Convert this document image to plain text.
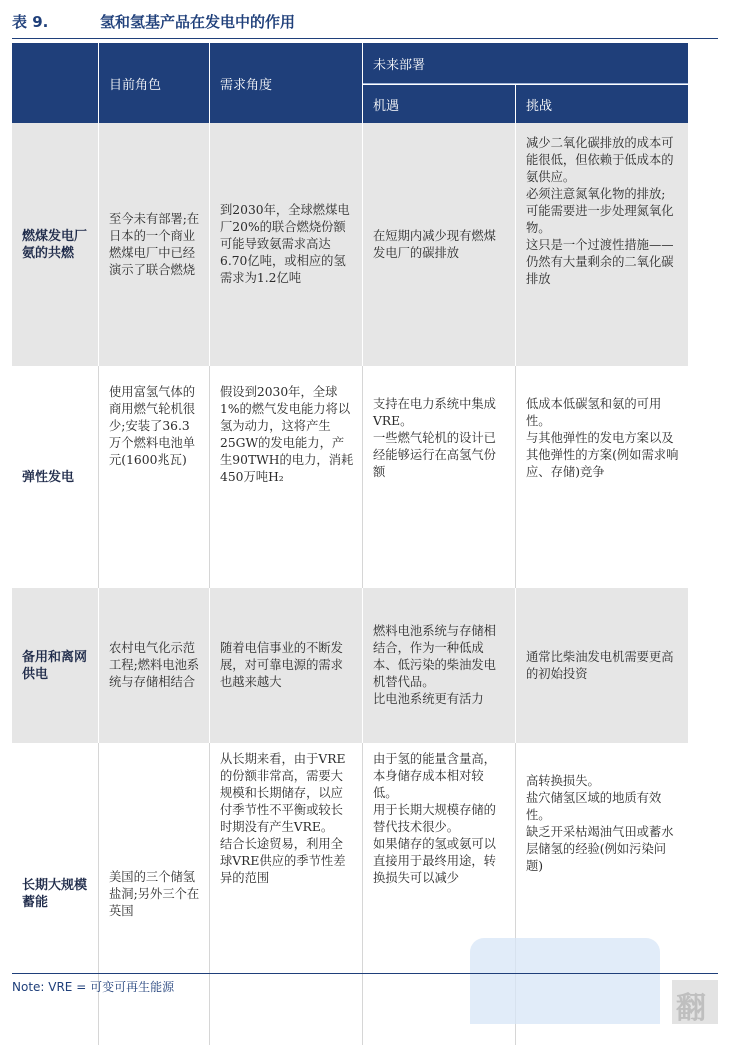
表 9.	氢和氢基产品在发电中的作用
	目前角色	需求角度	未来部署	
			机遇	挑战
燃煤发电厂氨的共燃	至今未有部署;在日本的一个商业燃煤电厂中已经演示了联合燃烧	到2030年，全球燃煤电厂20%的联合燃烧份额可能导致氨需求高达6.70亿吨，或相应的氢需求为1.2亿吨	在短期内减少现有燃煤发电厂的碳排放	减少二氧化碳排放的成本可能很低，但依赖于低成本的氨供应。
必须注意氮氧化物的排放;
可能需要进一步处理氮氧化物。
这只是一个过渡性措施——仍然有大量剩余的二氧化碳排放

弹性发电	使用富氢气体的商用燃气轮机很少;安装了36.3万个燃料电池单元(1600兆瓦)	假设到2030年，全球1%的燃气发电能力将以氢为动力，这将产生25GW的发电能力，产生90TWH的电力，消耗450万吨H₂	支持在电力系统中集成VRE。
一些燃气轮机的设计已经能够运行在高氢气份额	低成本低碳氢和氨的可用性。
与其他弹性的发电方案以及其他弹性的方案(例如需求响应、存储)竞争

备用和离网供电	农村电气化示范工程;燃料电池系统与存储相结合	随着电信事业的不断发展，对可靠电源的需求也越来越大	燃料电池系统与存储相结合，作为一种低成本、低污染的柴油发电机替代品。
比电池系统更有活力	通常比柴油发电机需要更高的初始投资
长期大规模蓄能	美国的三个储氢盐洞;另外三个在英国	从长期来看，由于VRE的份额非常高，需要大规模和长期储存，以应付季节性不平衡或较长时期没有产生VRE。
结合长途贸易，利用全球VRE供应的季节性差异的范围	由于氢的能量含量高，本身储存成本相对较低。
用于长期大规模存储的替代技术很少。
如果储存的氢或氨可以直接用于最终用途，转换损失可以减少	高转换损失。
盐穴储氢区域的地质有效性。
缺乏开采枯竭油气田或蓄水层储氢的经验(例如污染问题)
Note: VRE = 可变可再生能源
翻
